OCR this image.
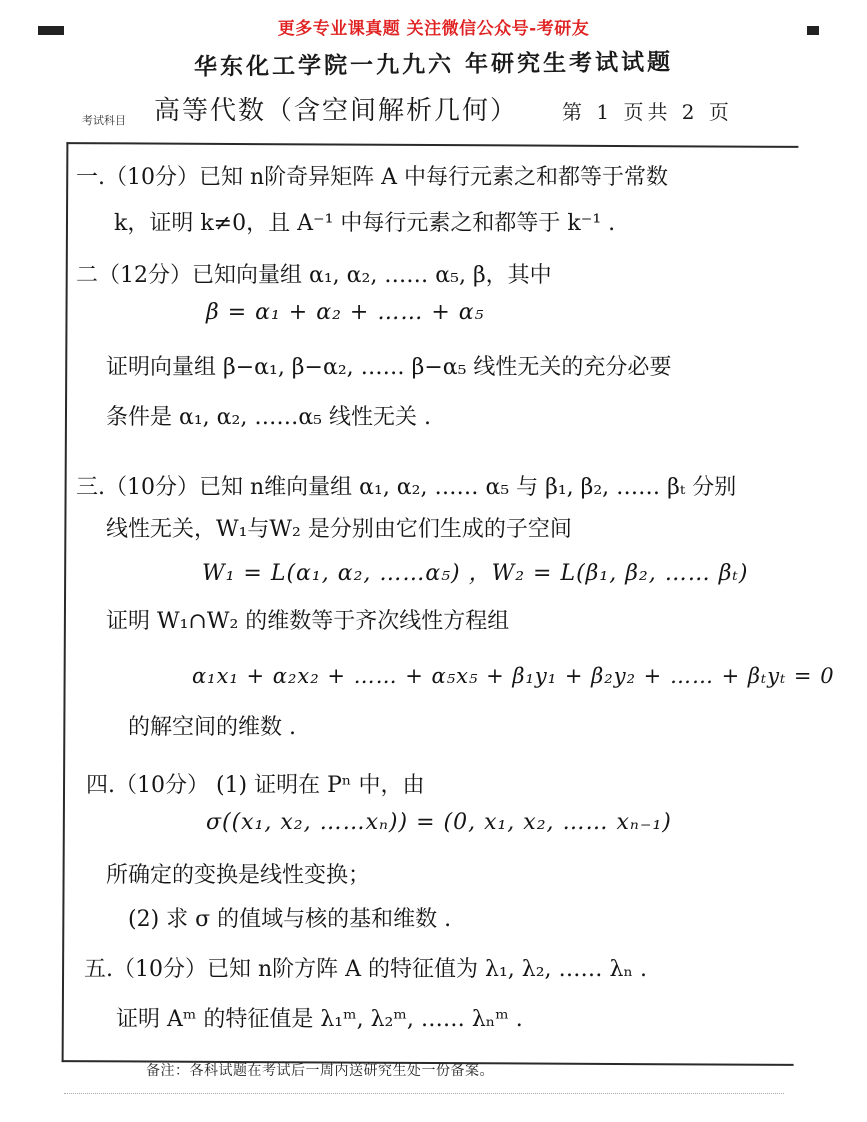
更多专业课真题 关注微信公众号-考研友
华东化工学院一九九六 年研究生考试试题
考试科目 高等代数（含空间解析几何） 第 1 页共 2 页
一.（10分）已知 n阶奇异矩阵 A 中每行元素之和都等于常数
k，证明 k≠0，且 A⁻¹ 中每行元素之和都等于 k⁻¹ .
二（12分）已知向量组 α₁, α₂, …… α₅, β，其中
β = α₁ + α₂ + …… + α₅
证明向量组 β−α₁, β−α₂, …… β−α₅ 线性无关的充分必要
条件是 α₁, α₂, ……α₅ 线性无关 .
三.（10分）已知 n维向量组 α₁, α₂, …… α₅ 与 β₁, β₂, …… βₜ 分别
线性无关，W₁与W₂ 是分别由它们生成的子空间
W₁ = L(α₁, α₂, ……α₅) ，W₂ = L(β₁, β₂, …… βₜ)
证明 W₁∩W₂ 的维数等于齐次线性方程组
α₁x₁ + α₂x₂ + …… + α₅x₅ + β₁y₁ + β₂y₂ + …… + βₜyₜ = 0
的解空间的维数 .
四.（10分） (1) 证明在 Pⁿ 中，由
σ((x₁, x₂, ……xₙ)) = (0, x₁, x₂, …… xₙ₋₁)
所确定的变换是线性变换；
(2) 求 σ 的值域与核的基和维数 .
五.（10分）已知 n阶方阵 A 的特征值为 λ₁, λ₂, …… λₙ .
证明 Aᵐ 的特征值是 λ₁ᵐ, λ₂ᵐ, …… λₙᵐ .
备注：各科试题在考试后一周内送研究生处一份备案。
